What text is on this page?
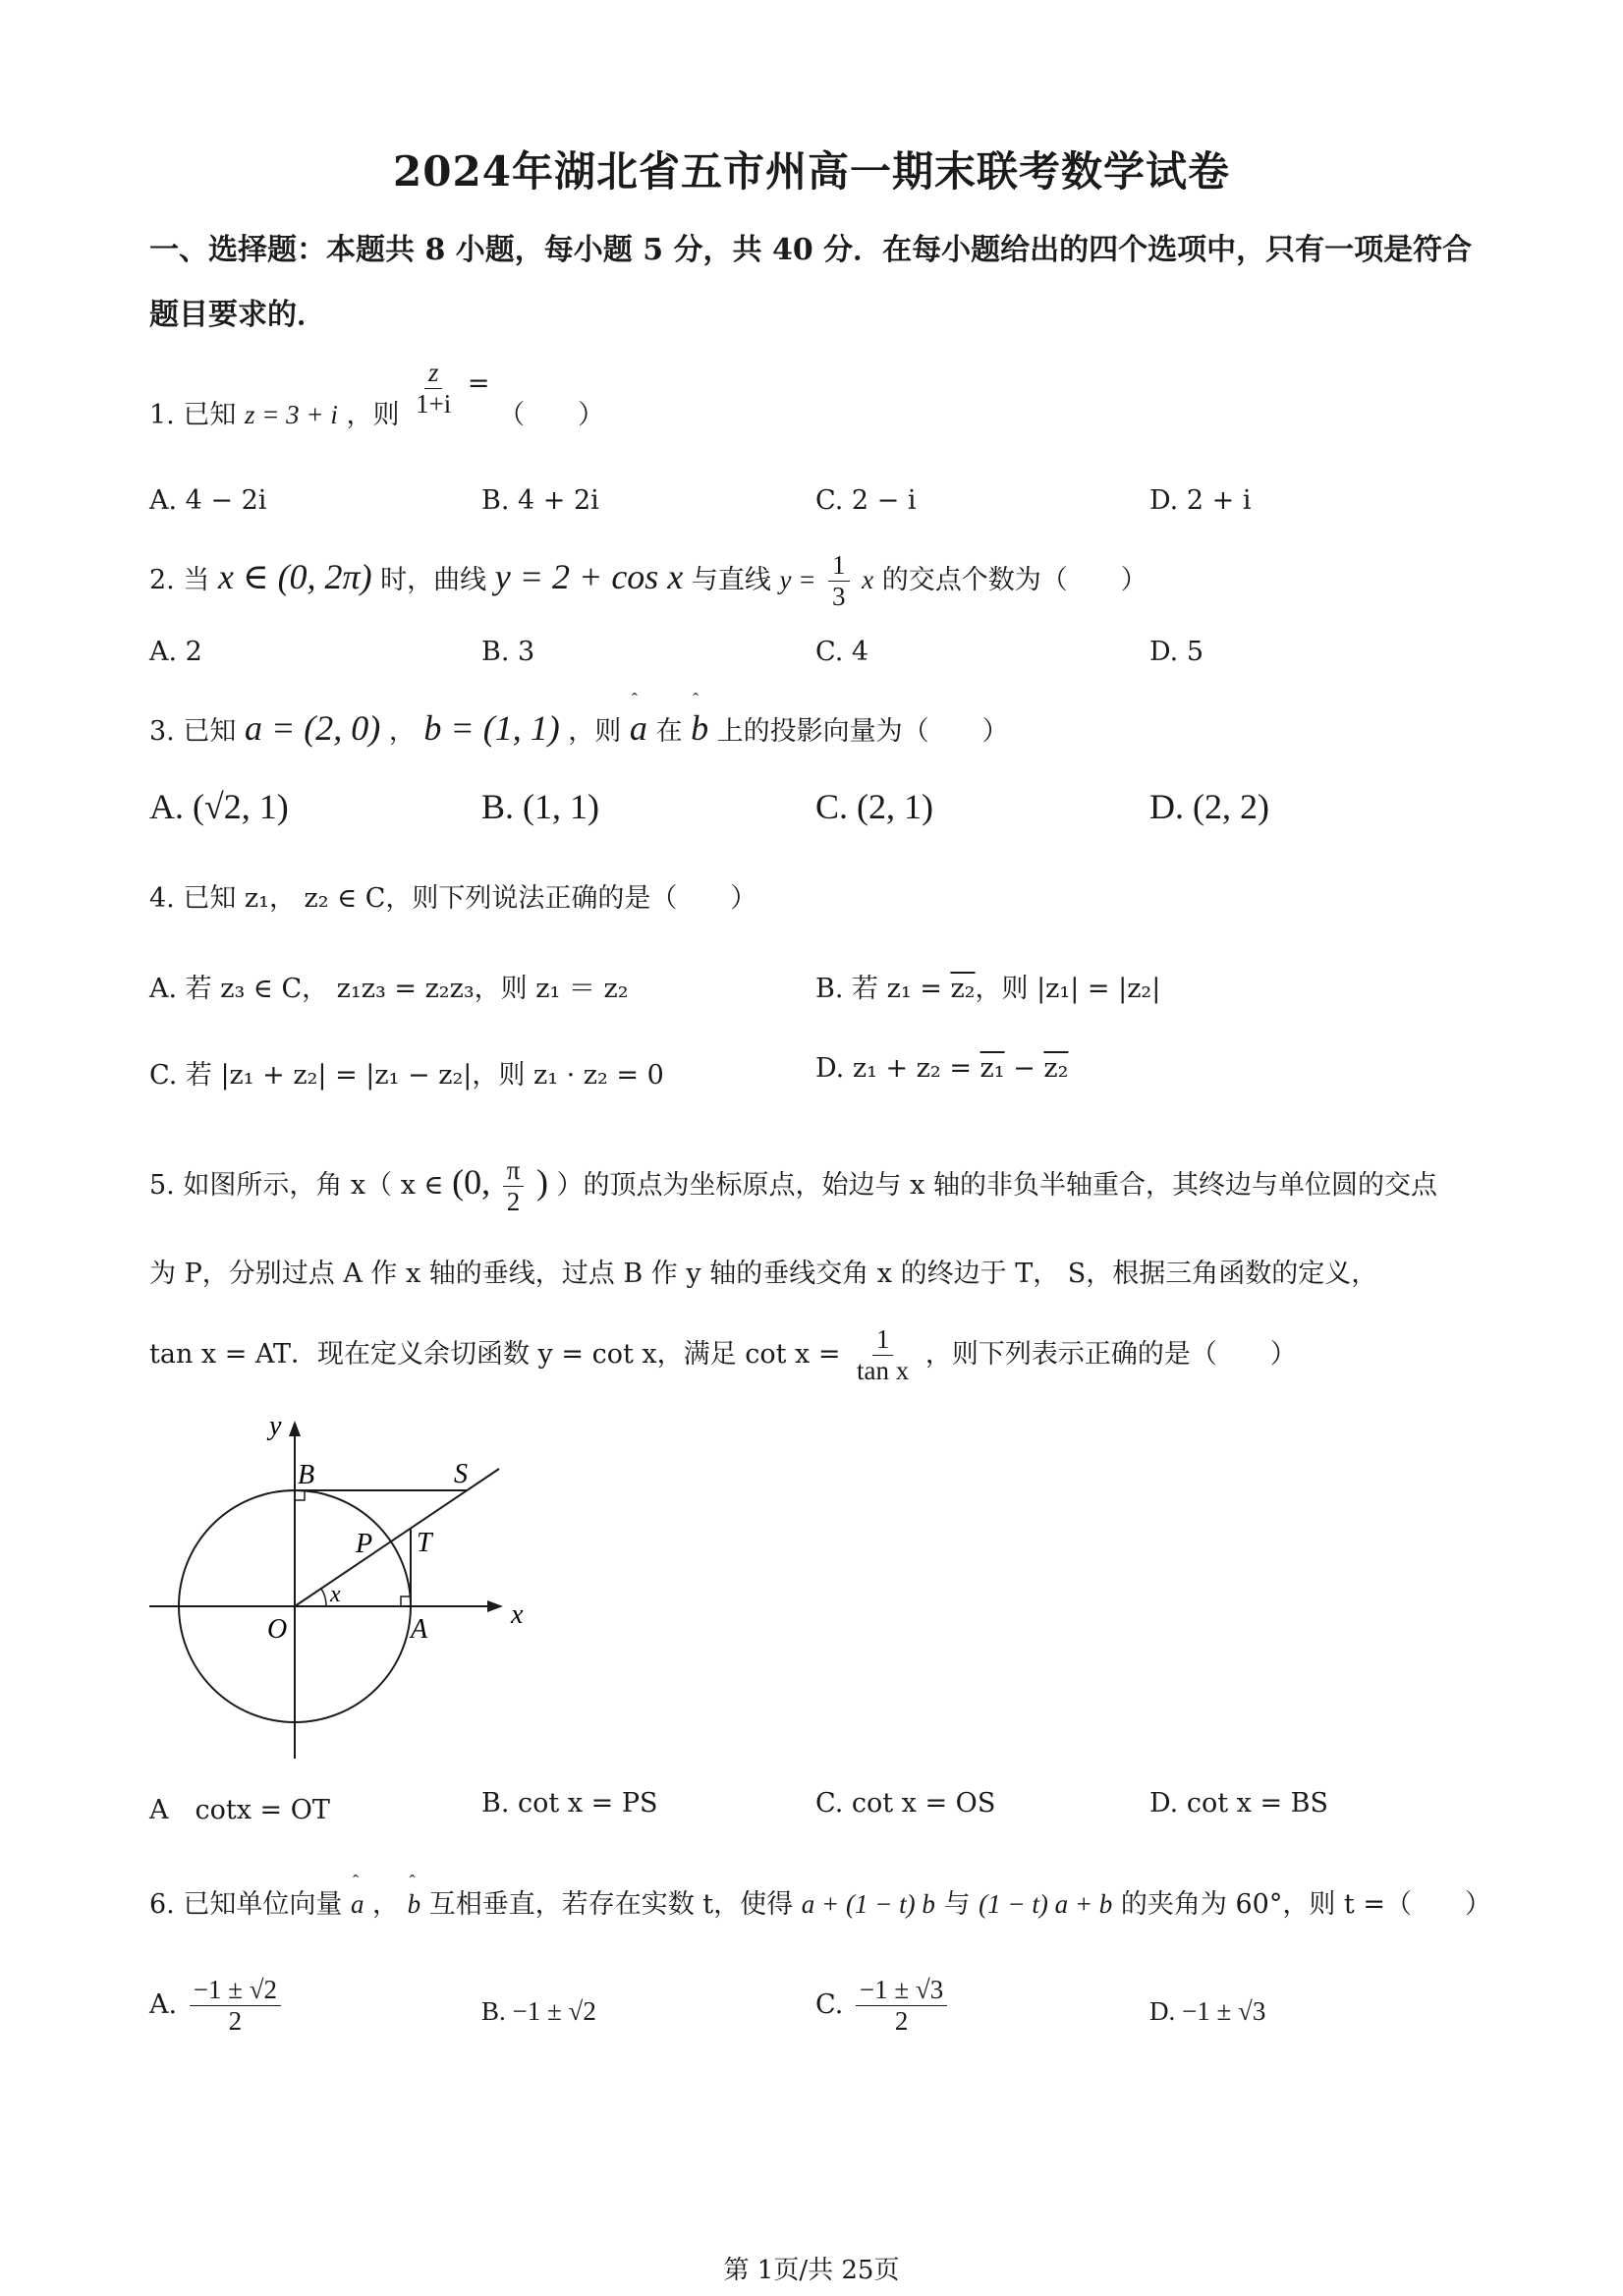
2024年湖北省五市州高一期末联考数学试卷
一、选择题：本题共 8 小题，每小题 5 分，共 40 分．在每小题给出的四个选项中，只有一项是符合题目要求的．
1. 已知 z = 3 + i ，则 $\frac{z}{1+i}$ = （　　）
A. 4 − 2i	B. 4 + 2i	C. 2 − i	D. 2 + i
2. 当 x ∈ (0, 2π) 时，曲线 y = 2 + cos x 与直线 $y = \frac{1}{3}$ x 的交点个数为（　　）
A. 2	B. 3	C. 4	D. 5
3. 已知 a = (2, 0) ， b = (1, 1) ，则 ˆ a 在 ˆ b 上的投影向量为（　　）
A. (√2, 1)	B. (1, 1)	C. (2, 1)	D. (2, 2)
4. 已知 z₁， z₂ ∈ C，则下列说法正确的是（　　）
A. 若 z₃ ∈ C， z₁z₃ = z₂z₃，则 z₁ ＝ z₂	B. 若 z₁ = z₂，则 |z₁| = |z₂|
C. 若 |z₁ + z₂| = |z₁ − z₂|，则 z₁ · z₂ = 0	D. z₁ + z₂ = z₁ − z₂
5. 如图所示，角 x（ x ∈ (0, $\frac{\pi}{2}$ ) ）的顶点为坐标原点，始边与 x 轴的非负半轴重合，其终边与单位圆的交点
为 P，分别过点 A 作 x 轴的垂线，过点 B 作 y 轴的垂线交角 x 的终边于 T， S，根据三角函数的定义，
tan x = AT．现在定义余切函数 y = cot x，满足 $\cot x = \frac{1}{\text{tan x}}$ ，则下列表示正确的是（　　）
y
x
B	S
P T
O	A
x
A　cotx = OT	B. cot x = PS	C. cot x = OS	D. cot x = BS
6. 已知单位向量 ˆ a ， ˆ b 互相垂直，若存在实数 t，使得 a + (1 − t) b 与 (1 − t) a + b 的夹角为 60°，则 t =（　　）
A. $\frac{-1 \pm √2}{2}$	B. −1 ± √2	C. $\frac{-1 \pm √3}{2}$	D. −1 ± √3
第 1页/共 25页
